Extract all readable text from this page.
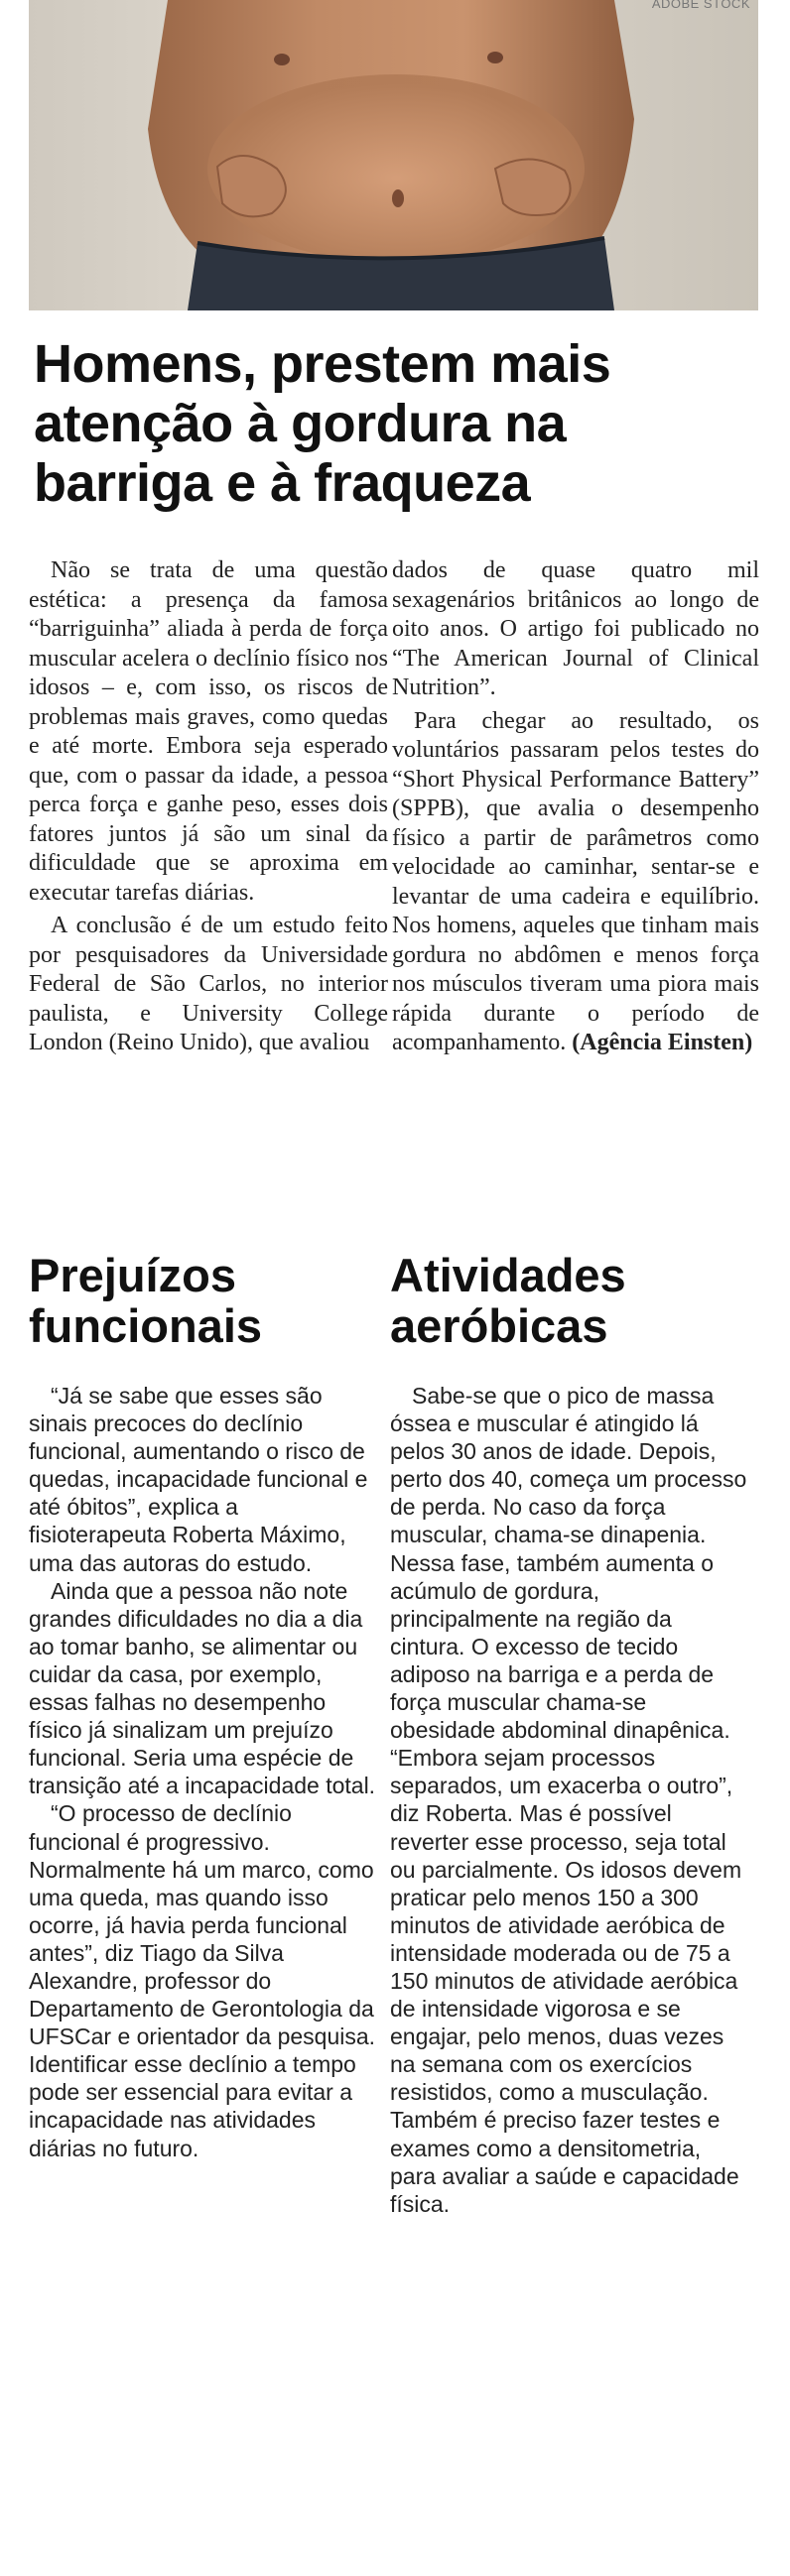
ADOBE STOCK
Homens, prestem mais atenção à gordura na barriga e à fraqueza

Não se trata de uma questão estética: a presença da famosa “barriguinha” aliada à perda de força muscular acelera o declínio físico nos idosos – e, com isso, os riscos de problemas mais graves, como quedas e até morte. Embora seja esperado que, com o passar da idade, a pessoa perca força e ganhe peso, esses dois fatores juntos já são um sinal da dificuldade que se aproxima em executar tarefas diárias.

A conclusão é de um estudo feito por pesquisadores da Universidade Federal de São Carlos, no interior paulista, e University College London (Reino Unido), que avaliou

dados de quase quatro mil sexagenários britânicos ao longo de oito anos. O artigo foi publicado no “The American Journal of Clinical Nutrition”.

Para chegar ao resultado, os voluntários passaram pelos testes do “Short Physical Performance Battery” (SPPB), que avalia o desempenho físico a partir de parâmetros como velocidade ao caminhar, sentar-se e levantar de uma cadeira e equilíbrio. Nos homens, aqueles que tinham mais gordura no abdômen e menos força nos músculos tiveram uma piora mais rápida durante o período de acompanhamento. (Agência Einsten)

Prejuízos funcionais
Atividades aeróbicas

“Já se sabe que esses são sinais precoces do declínio funcional, aumentando o risco de quedas, incapacidade funcional e até óbitos”, explica a fisioterapeuta Roberta Máximo, uma das autoras do estudo.

Ainda que a pessoa não note grandes dificuldades no dia a dia ao tomar banho, se alimentar ou cuidar da casa, por exemplo, essas falhas no desempenho físico já sinalizam um prejuízo funcional. Seria uma espécie de transição até a incapacidade total.

“O processo de declínio funcional é progressivo. Normalmente há um marco, como uma queda, mas quando isso ocorre, já havia perda funcional antes”, diz Tiago da Silva Alexandre, professor do Departamento de Gerontologia da UFSCar e orientador da pesquisa. Identificar esse declínio a tempo pode ser essencial para evitar a incapacidade nas atividades diárias no futuro.

Sabe-se que o pico de massa óssea e muscular é atingido lá pelos 30 anos de idade. Depois, perto dos 40, começa um processo de perda. No caso da força muscular, chama-se dinapenia. Nessa fase, também aumenta o acúmulo de gordura, principalmente na região da cintura. O excesso de tecido adiposo na barriga e a perda de força muscular chama-se obesidade abdominal dinapênica. “Embora sejam processos separados, um exacerba o outro”, diz Roberta. Mas é possível reverter esse processo, seja total ou parcialmente. Os idosos devem praticar pelo menos 150 a 300 minutos de atividade aeróbica de intensidade moderada ou de 75 a 150 minutos de atividade aeróbica de intensidade vigorosa e se engajar, pelo menos, duas vezes na semana com os exercícios resistidos, como a musculação. Também é preciso fazer testes e exames como a densitometria, para avaliar a saúde e capacidade física.
